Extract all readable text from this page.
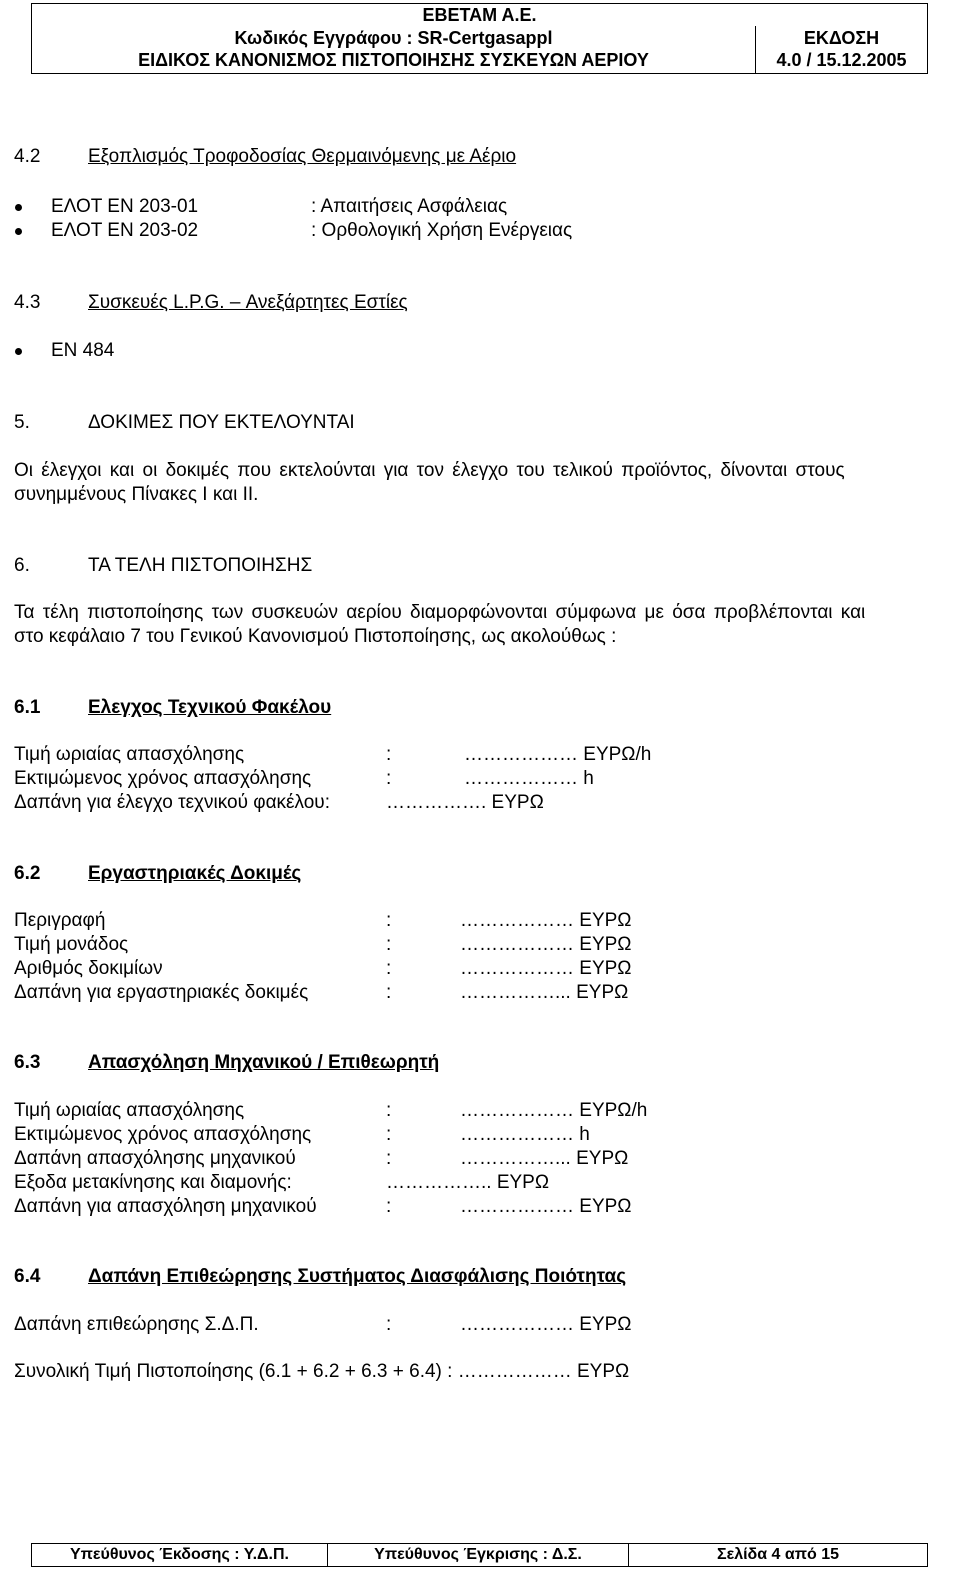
ΕΒΕΤΑΜ Α.Ε.
Κωδικός Εγγράφου : SR-Certgasappl
ΕΙΔΙΚΟΣ ΚΑΝΟΝΙΣΜΟΣ ΠΙΣΤΟΠΟΙΗΣΗΣ ΣΥΣΚΕΥΩΝ ΑΕΡΙΟΥ
ΕΚΔΟΣΗ
4.0 / 15.12.2005
4.2	Εξοπλισμός Τροφοδοσίας Θερμαινόμενης με Αέριο
ΕΛΟΤ ΕΝ 203-01	: Απαιτήσεις Ασφάλειας
ΕΛΟΤ ΕΝ 203-02	: Ορθολογική Χρήση Ενέργειας
4.3	Συσκευές L.P.G. – Ανεξάρτητες Εστίες
ΕΝ 484
5.	ΔΟΚΙΜΕΣ ΠΟΥ ΕΚΤΕΛΟΥΝΤΑΙ
Οι έλεγχοι και οι δοκιμές που εκτελούνται για τον έλεγχο του τελικού προϊόντος, δίνονται στους
συνημμένους Πίνακες Ι και ΙΙ.
6.	ΤΑ ΤΕΛΗ ΠΙΣΤΟΠΟΙΗΣΗΣ
Τα τέλη πιστοποίησης των συσκευών αερίου διαμορφώνονται σύμφωνα με όσα προβλέπονται και
στο κεφάλαιο 7 του Γενικού Κανονισμού Πιστοποίησης, ως ακολούθως :
6.1	Ελεγχος Τεχνικού Φακέλου
Τιμή ωριαίας απασχόλησης	:	……………… ΕΥΡΩ/h
Εκτιμώμενος χρόνος απασχόλησης	:	……………… h
Δαπάνη για έλεγχο τεχνικού φακέλου:	……………. ΕΥΡΩ
6.2	Εργαστηριακές Δοκιμές
Περιγραφή	:	……………… ΕΥΡΩ
Τιμή μονάδος	:	……………… ΕΥΡΩ
Αριθμός δοκιμίων	:	……………… ΕΥΡΩ
Δαπάνη για εργαστηριακές δοκιμές	:	……………... ΕΥΡΩ
6.3	Απασχόληση Μηχανικού / Επιθεωρητή
Τιμή ωριαίας απασχόλησης	:	……………… ΕΥΡΩ/h
Εκτιμώμενος χρόνος απασχόλησης	:	……………… h
Δαπάνη απασχόλησης μηχανικού	:	……………... ΕΥΡΩ
Εξοδα μετακίνησης και διαμονής:	…………….. ΕΥΡΩ
Δαπάνη για απασχόληση μηχανικού	:	……………… ΕΥΡΩ
6.4	Δαπάνη Επιθεώρησης Συστήματος Διασφάλισης Ποιότητας
Δαπάνη επιθεώρησης Σ.Δ.Π.	:	……………… ΕΥΡΩ
Συνολική Τιμή Πιστοποίησης (6.1 + 6.2 + 6.3 + 6.4) : ……………… ΕΥΡΩ
Υπεύθυνος Έκδοσης : Υ.Δ.Π.	Υπεύθυνος Έγκρισης : Δ.Σ.	Σελίδα 4 από 15
